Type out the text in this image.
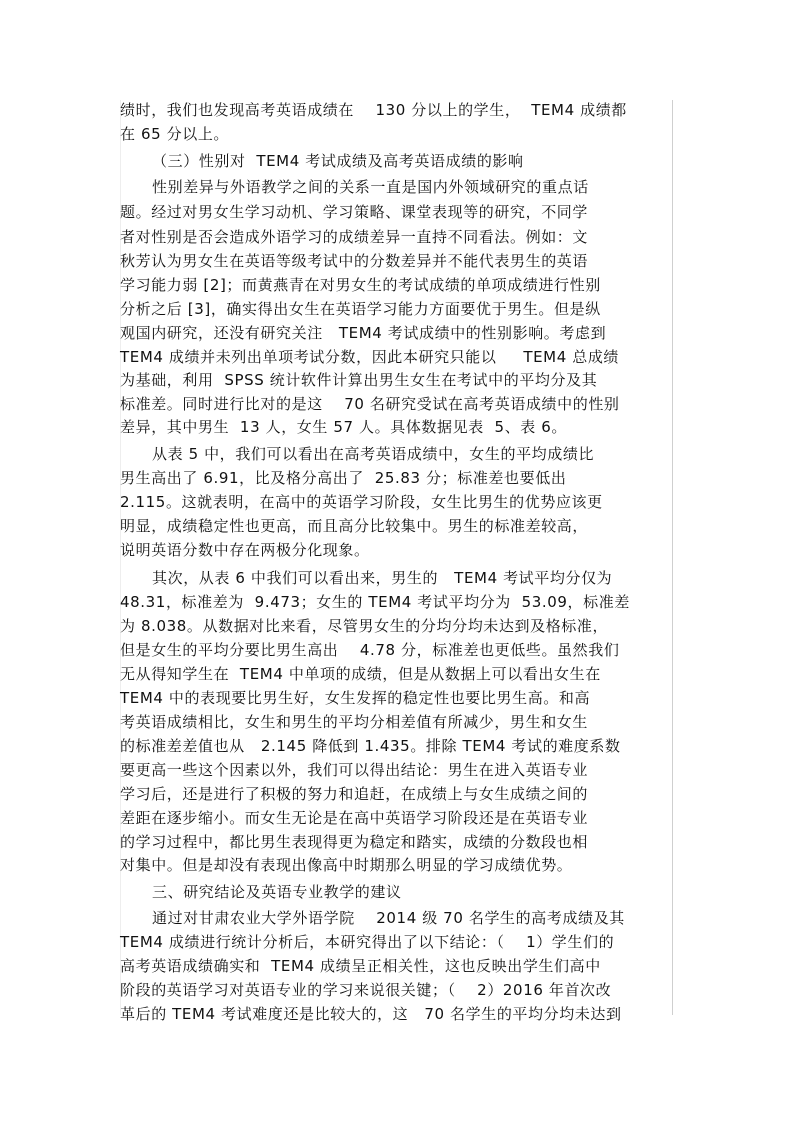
绩时，我们也发现高考英语成绩在    130 分以上的学生，  TEM4 成绩都
在 65 分以上。
（三）性别对  TEM4 考试成绩及高考英语成绩的影响
性别差异与外语教学之间的关系一直是国内外领域研究的重点话
题。经过对男女生学习动机、学习策略、课堂表现等的研究，不同学
者对性别是否会造成外语学习的成绩差异一直持不同看法。例如：文
秋芳认为男女生在英语等级考试中的分数差异并不能代表男生的英语
学习能力弱 [2]；而黄燕青在对男女生的考试成绩的单项成绩进行性别
分析之后 [3]，确实得出女生在英语学习能力方面要优于男生。但是纵
观国内研究，还没有研究关注   TEM4 考试成绩中的性别影响。考虑到
TEM4 成绩并未列出单项考试分数，因此本研究只能以     TEM4 总成绩
为基础，利用  SPSS 统计软件计算出男生女生在考试中的平均分及其
标准差。同时进行比对的是这    70 名研究受试在高考英语成绩中的性别
差异，其中男生  13 人，女生 57 人。具体数据见表  5、表 6。
从表 5 中，我们可以看出在高考英语成绩中，女生的平均成绩比
男生高出了 6.91，比及格分高出了  25.83 分；标准差也要低出
2.115。这就表明，在高中的英语学习阶段，女生比男生的优势应该更
明显，成绩稳定性也更高，而且高分比较集中。男生的标准差较高，
说明英语分数中存在两极分化现象。
其次，从表 6 中我们可以看出来，男生的   TEM4 考试平均分仅为
48.31，标准差为  9.473；女生的 TEM4 考试平均分为  53.09，标准差
为 8.038。从数据对比来看，尽管男女生的分均分均未达到及格标准，
但是女生的平均分要比男生高出    4.78 分，标准差也更低些。虽然我们
无从得知学生在  TEM4 中单项的成绩，但是从数据上可以看出女生在
TEM4 中的表现要比男生好，女生发挥的稳定性也要比男生高。和高
考英语成绩相比，女生和男生的平均分相差值有所减少，男生和女生
的标准差差值也从   2.145 降低到 1.435。排除 TEM4 考试的难度系数
要更高一些这个因素以外，我们可以得出结论：男生在进入英语专业
学习后，还是进行了积极的努力和追赶，在成绩上与女生成绩之间的
差距在逐步缩小。而女生无论是在高中英语学习阶段还是在英语专业
的学习过程中，都比男生表现得更为稳定和踏实，成绩的分数段也相
对集中。但是却没有表现出像高中时期那么明显的学习成绩优势。
三、研究结论及英语专业教学的建议
通过对甘肃农业大学外语学院    2014 级 70 名学生的高考成绩及其
TEM4 成绩进行统计分析后，本研究得出了以下结论：（    1）学生们的
高考英语成绩确实和  TEM4 成绩呈正相关性，这也反映出学生们高中
阶段的英语学习对英语专业的学习来说很关键；（    2）2016 年首次改
革后的 TEM4 考试难度还是比较大的，这   70 名学生的平均分均未达到
